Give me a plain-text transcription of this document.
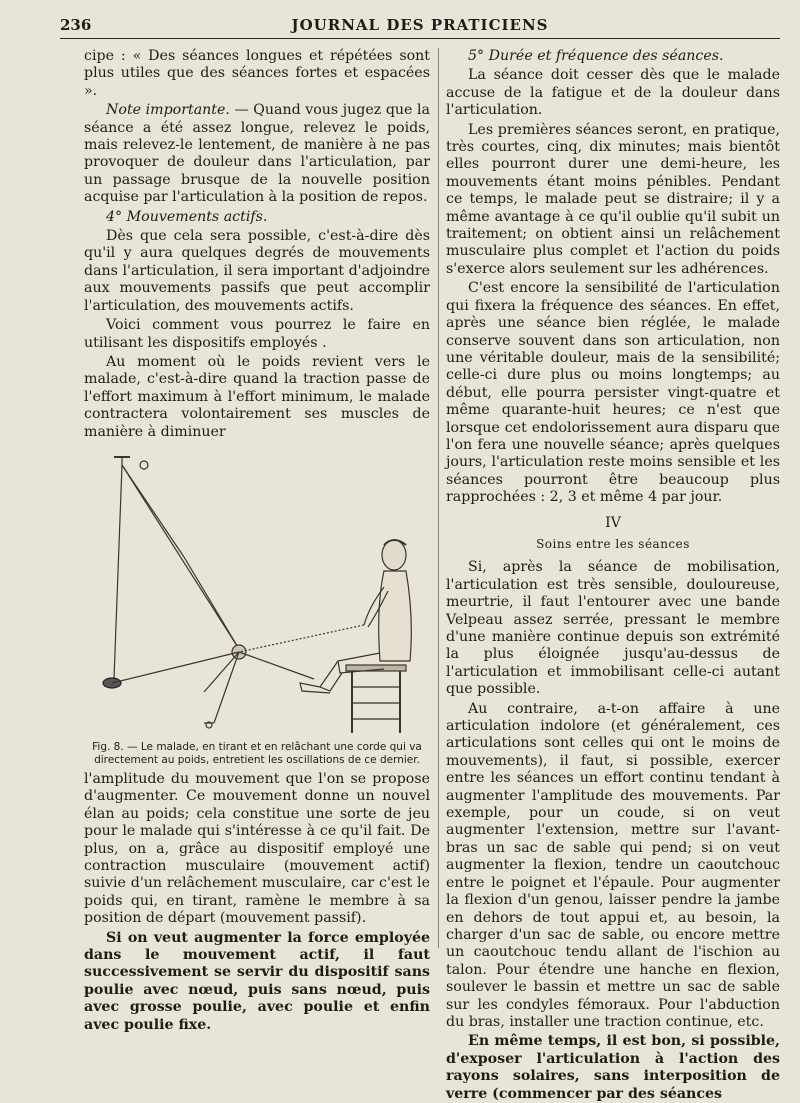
236	JOURNAL DES PRATICIENS

cipe : « Des séances longues et répétées sont plus utiles que des séances fortes et espacées ».

Note importante. — Quand vous jugez que la séance a été assez longue, relevez le poids, mais relevez-le lentement, de manière à ne pas provoquer de douleur dans l'articulation, par un passage brusque de la nouvelle position acquise par l'articulation à la position de repos.

4° Mouvements actifs.

Dès que cela sera possible, c'est-à-dire dès qu'il y aura quelques degrés de mouvements dans l'articulation, il sera important d'adjoindre aux mouvements passifs que peut accomplir l'articulation, des mouvements actifs.

Voici comment vous pourrez le faire en utilisant les dispositifs employés .

Au moment où le poids revient vers le malade, c'est-à-dire quand la traction passe de l'effort maximum à l'effort minimum, le malade contractera volontairement ses muscles de manière à diminuer

Fig. 8. — Le malade, en tirant et en relâchant une corde qui va directement au poids, entretient les oscillations de ce dernier.

l'amplitude du mouvement que l'on se propose d'augmenter. Ce mouvement donne un nouvel élan au poids; cela constitue une sorte de jeu pour le malade qui s'intéresse à ce qu'il fait. De plus, on a, grâce au dispositif employé une contraction musculaire (mouvement actif) suivie d'un relâchement musculaire, car c'est le poids qui, en tirant, ramène le membre à sa position de départ (mouvement passif).

Si on veut augmenter la force employée dans le mouvement actif, il faut successivement se servir du dispositif sans poulie avec nœud, puis sans nœud, puis avec grosse poulie, avec poulie et enfin avec poulie fixe.

5° Durée et fréquence des séances.

La séance doit cesser dès que le malade accuse de la fatigue et de la douleur dans l'articulation.

Les premières séances seront, en pratique, très courtes, cinq, dix minutes; mais bientôt elles pourront durer une demi-heure, les mouvements étant moins pénibles. Pendant ce temps, le malade peut se distraire; il y a même avantage à ce qu'il oublie qu'il subit un traitement; on obtient ainsi un relâchement musculaire plus complet et l'action du poids s'exerce alors seulement sur les adhérences.

C'est encore la sensibilité de l'articulation qui fixera la fréquence des séances. En effet, après une séance bien réglée, le malade conserve souvent dans son articulation, non une véritable douleur, mais de la sensibilité; celle-ci dure plus ou moins longtemps; au début, elle pourra persister vingt-quatre et même quarante-huit heures; ce n'est que lorsque cet endolorissement aura disparu que l'on fera une nouvelle séance; après quelques jours, l'articulation reste moins sensible et les séances pourront être beaucoup plus rapprochées : 2, 3 et même 4 par jour.

IV
Soins entre les séances

Si, après la séance de mobilisation, l'articulation est très sensible, douloureuse, meurtrie, il faut l'entourer avec une bande Velpeau assez serrée, pressant le membre d'une manière continue depuis son extrémité la plus éloignée jusqu'au-dessus de l'articulation et immobilisant celle-ci autant que possible.

Au contraire, a-t-on affaire à une articulation indolore (et généralement, ces articulations sont celles qui ont le moins de mouvements), il faut, si possible, exercer entre les séances un effort continu tendant à augmenter l'amplitude des mouvements. Par exemple, pour un coude, si on veut augmenter l'extension, mettre sur l'avant-bras un sac de sable qui pend; si on veut augmenter la flexion, tendre un caoutchouc entre le poignet et l'épaule. Pour augmenter la flexion d'un genou, laisser pendre la jambe en dehors de tout appui et, au besoin, la charger d'un sac de sable, ou encore mettre un caoutchouc tendu allant de l'ischion au talon. Pour étendre une hanche en flexion, soulever le bassin et mettre un sac de sable sur les condyles fémoraux. Pour l'abduction du bras, installer une traction continue, etc.

En même temps, il est bon, si possible, d'exposer l'articulation à l'action des rayons solaires, sans interposition de verre (commencer par des séances
